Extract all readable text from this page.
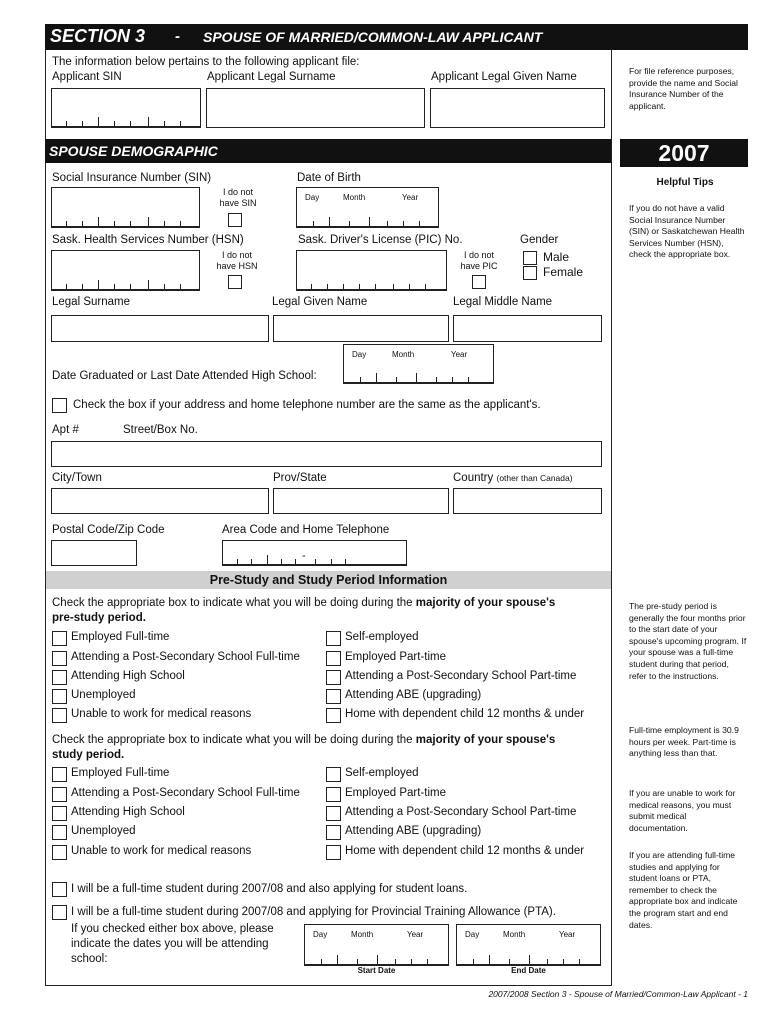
SECTION 3 - SPOUSE OF MARRIED/COMMON-LAW APPLICANT
The information below pertains to the following applicant file:
Applicant SIN	Applicant Legal Surname	Applicant Legal Given Name	For file reference purposes, provide the name and Social Insurance Number of the applicant.
SPOUSE DEMOGRAPHIC	2007
Social Insurance Number (SIN)
I do not have SIN
Date of Birth
Day	Month	Year
Helpful Tips
If you do not have a valid Social Insurance Number (SIN) or Saskatchewan Health Services Number (HSN), check the appropriate box.
Sask. Health Services Number (HSN)
I do not have HSN
Sask. Driver's License (PIC) No.
I do not have PIC
Gender
Male
Female
Legal Surname	Legal Given Name	Legal Middle Name
Date Graduated or Last Date Attended High School:
Day	Month	Year
Check the box if your address and home telephone number are the same as the applicant's.
Apt #	Street/Box No.
City/Town	Prov/State	Country (other than Canada)
Postal Code/Zip Code	Area Code and Home Telephone
-
Pre-Study and Study Period Information
Check the appropriate box to indicate what you will be doing during the majority of your spouse's
pre-study period.
Employed Full-time
Attending a Post-Secondary School Full-time
Attending High School
Unemployed
Unable to work for medical reasons
Self-employed
Employed Part-time
Attending a Post-Secondary School Part-time
Attending ABE (upgrading)
Home with dependent child 12 months & under
Check the appropriate box to indicate what you will be doing during the majority of your spouse's
study period.
Employed Full-time
Attending a Post-Secondary School Full-time
Attending High School
Unemployed
Unable to work for medical reasons
Self-employed
Employed Part-time
Attending a Post-Secondary School Part-time
Attending ABE (upgrading)
Home with dependent child 12 months & under
I will be a full-time student during 2007/08 and also applying for student loans.
I will be a full-time student during 2007/08 and applying for Provincial Training Allowance (PTA).
If you checked either box above, please
indicate the dates you will be attending
school:
Day	Month	Year
Start Date
Day	Month	Year
End Date
The pre-study period is generally the four months prior to the start date of your spouse's upcoming program. If your spouse was a full-time student during that period, refer to the instructions.
Full-time employment is 30.9 hours per week. Part-time is anything less than that.
If you are unable to work for medical reasons, you must submit medical documentation.
If you are attending full-time studies and applying for student loans or PTA, remember to check the appropriate box and indicate the program start and end dates.
2007/2008 Section 3 - Spouse of Married/Common-Law Applicant - 1
